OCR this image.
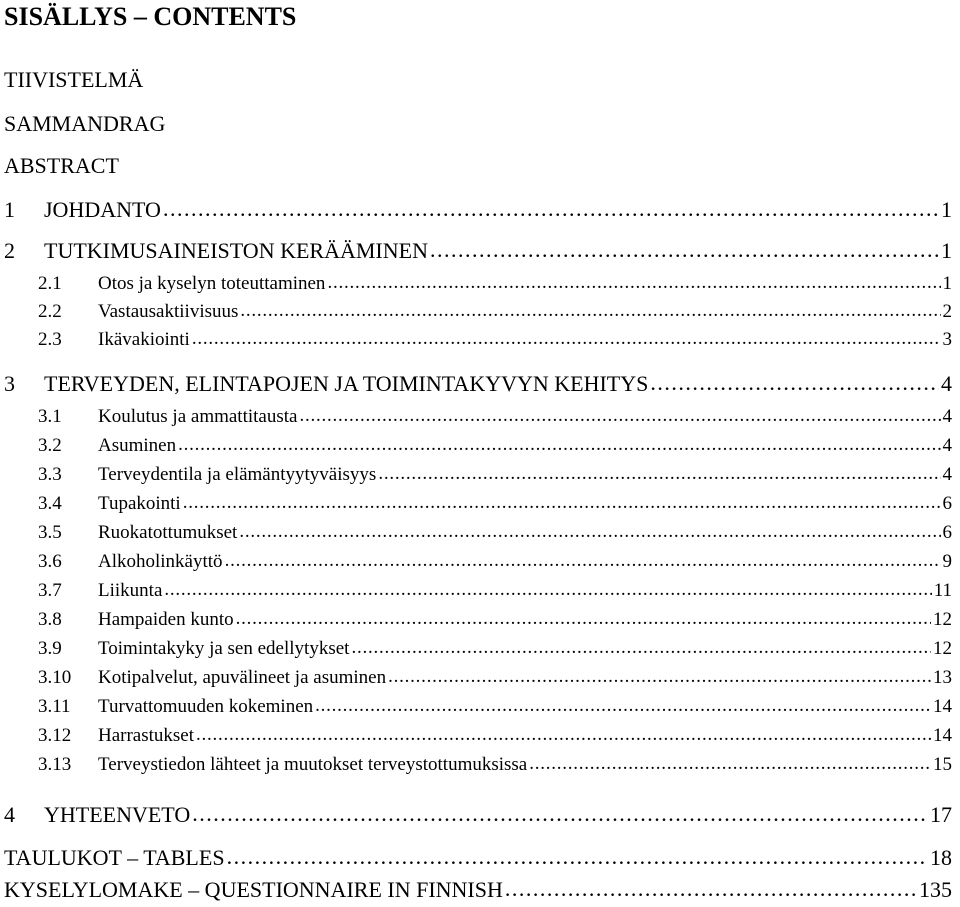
SISÄLLYS – CONTENTS
TIIVISTELMÄ
SAMMANDRAG
ABSTRACT
1	JOHDANTO . . .	1
2	TUTKIMUSAINEISTON KERÄÄMINEN . . .	1
2.1	Otos ja kyselyn toteuttaminen . . .	1
2.2	Vastausaktiivisuus . . .	2
2.3	Ikävakiointi . . .	3
3	TERVEYDEN, ELINTAPOJEN JA TOIMINTAKYVYN KEHITYS . . .	4
3.1	Koulutus ja ammattitausta . . .	4
3.2	Asuminen . . .	4
3.3	Terveydentila ja elämäntyytyväisyys . . .	4
3.4	Tupakointi . . .	6
3.5	Ruokatottumukset . . .	6
3.6	Alkoholinkäyttö . . .	9
3.7	Liikunta . . .	11
3.8	Hampaiden kunto . . .	12
3.9	Toimintakyky ja sen edellytykset . . .	12
3.10	Kotipalvelut, apuvälineet ja asuminen . . .	13
3.11	Turvattomuuden kokeminen . . .	14
3.12	Harrastukset . . .	14
3.13	Terveystiedon lähteet ja muutokset terveystottumuksissa . . .	15
4	YHTEENVETO . . .	17
TAULUKOT – TABLES . . .	18
KYSELYLOMAKE – QUESTIONNAIRE IN FINNISH . . .	135
